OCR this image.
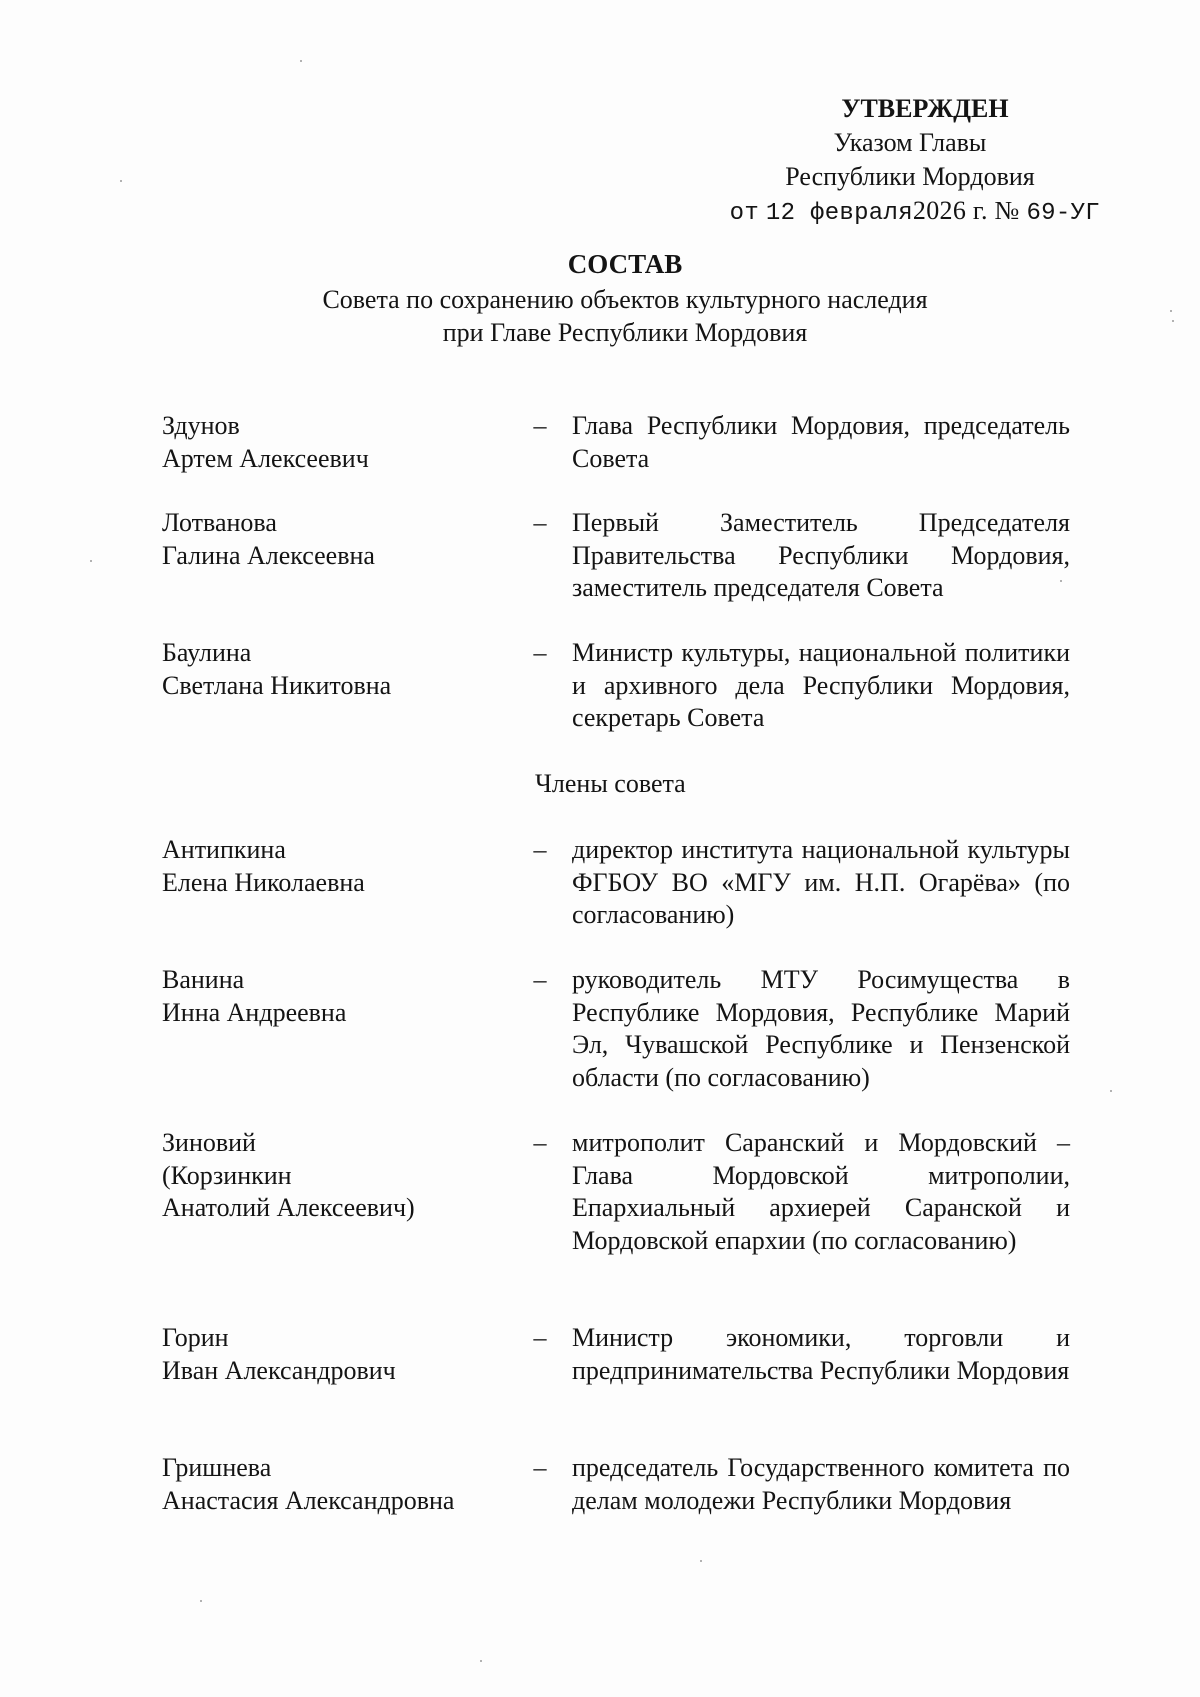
УТВЕРЖДЕН
Указом Главы
Республики Мордовия
от 12 февраля2026 г. № 69-УГ
СОСТАВ
Совета по сохранению объектов культурного наследия
при Главе Республики Мордовия
Здунов
Артем Алексеевич
– Глава Республики Мордовия, председатель Совета
Лотванова
Галина Алексеевна
– Первый Заместитель Председателя Правительства Республики Мордовия, заместитель председателя Совета
Баулина
Светлана Никитовна
– Министр культуры, национальной политики и архивного дела Республики Мордовия, секретарь Совета
Члены совета
Антипкина
Елена Николаевна
– директор института национальной культуры ФГБОУ ВО «МГУ им. Н.П. Огарёва» (по согласованию)
Ванина
Инна Андреевна
– руководитель МТУ Росимущества в Республике Мордовия, Республике Марий Эл, Чувашской Республике и Пензенской области (по согласованию)
Зиновий
(Корзинкин
Анатолий Алексеевич)
– митрополит Саранский и Мордовский – Глава Мордовской митрополии, Епархиальный архиерей Саранской и Мордовской епархии (по согласованию)
Горин
Иван Александрович
– Министр экономики, торговли и предпринимательства Республики Мордовия
Гришнева
Анастасия Александровна
– председатель Государственного комитета по делам молодежи Республики Мордовия
